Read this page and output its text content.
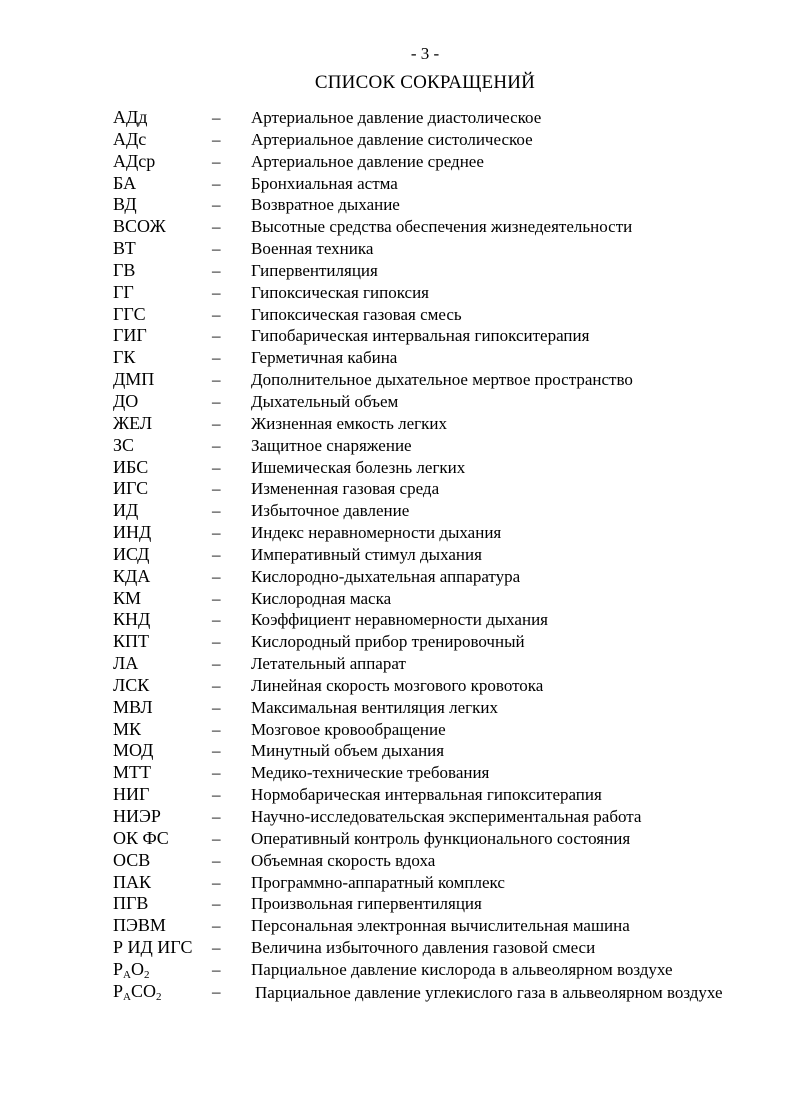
- 3 -
СПИСОК СОКРАЩЕНИЙ
АДд	– Артериальное давление диастолическое
АДс	– Артериальное давление систолическое
АДср	– Артериальное давление среднее
БА	– Бронхиальная астма
ВД	– Возвратное дыхание
ВСОЖ	– Высотные средства обеспечения жизнедеятельности
ВТ	– Военная техника
ГВ	– Гипервентиляция
ГГ	– Гипоксическая гипоксия
ГГС	– Гипоксическая газовая смесь
ГИГ	– Гипобарическая интервальная гипокситерапия
ГК	– Герметичная кабина
ДМП	– Дополнительное дыхательное мертвое пространство
ДО	– Дыхательный объем
ЖЕЛ	– Жизненная емкость легких
ЗС	– Защитное снаряжение
ИБС	– Ишемическая болезнь легких
ИГС	– Измененная газовая среда
ИД	– Избыточное давление
ИНД	– Индекс неравномерности дыхания
ИСД	– Императивный стимул дыхания
КДА	– Кислородно-дыхательная аппаратура
КМ	– Кислородная маска
КНД	– Коэффициент неравномерности дыхания
КПТ	– Кислородный прибор тренировочный
ЛА	– Летательный аппарат
ЛСК	– Линейная скорость мозгового кровотока
МВЛ	– Максимальная вентиляция легких
МК	– Мозговое кровообращение
МОД	– Минутный объем дыхания
МТТ	– Медико-технические требования
НИГ	– Нормобарическая интервальная гипокситерапия
НИЭР	– Научно-исследовательская экспериментальная работа
ОК ФС	– Оперативный контроль функционального состояния
ОСВ	– Объемная скорость вдоха
ПАК	– Программно-аппаратный комплекс
ПГВ	– Произвольная гипервентиляция
ПЭВМ	– Персональная электронная вычислительная машина
Р ИД ИГС – Величина избыточного давления газовой смеси
$P_AO_2$	– Парциальное давление кислорода в альвеолярном воздухе
$P_ACO_2$	– Парциальное давление углекислого газа в альвеолярном воздухе
